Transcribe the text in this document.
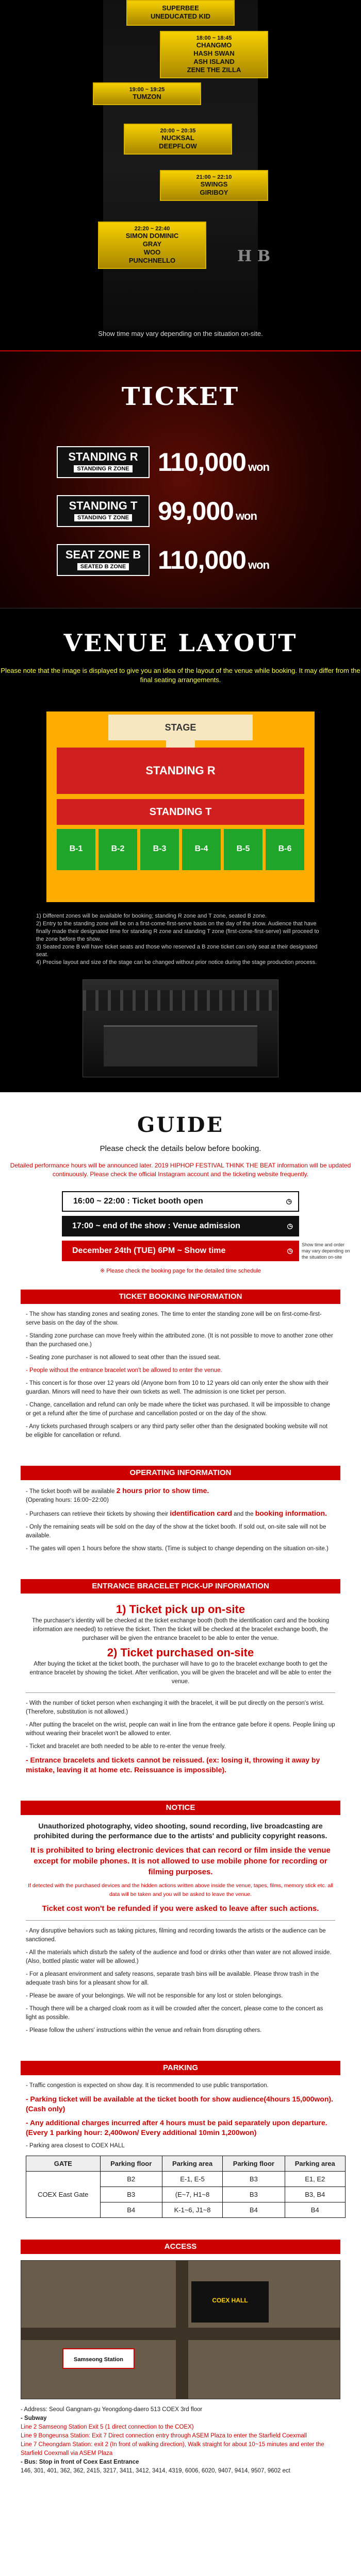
SUPERBEE
UNEDUCATED KID
18:00 ~ 18:45
CHANGMO
HASH SWAN
ASH ISLAND
ZENE THE ZILLA
19:00 ~ 19:25
TUMZON
20:00 ~ 20:35
NUCKSAL
DEEPFLOW
21:00 ~ 22:10
SWINGS
GIRIBOY
22:20 ~ 22:40
SIMON DOMINIC
GRAY
WOO
PUNCHNELLO	H B
Show time may vary depending on the situation on-site.
TICKET
STANDING R
STANDING R ZONE	110,000 won
STANDING T
STANDING T ZONE	99,000 won
SEAT ZONE B
SEATED B ZONE	110,000 won
VENUE LAYOUT
Please note that the image is displayed to give you an idea of the layout of the venue while booking. It may differ from the final seating arrangements.
STAGE
STANDING R
STANDING T
B-1	B-2	B-3	B-4	B-5	B-6

1) Different zones will be available for booking; standing R zone and T zone, seated B zone.

2) Entry to the standing zone will be on a first-come-first-serve basis on the day of the show. Audience that have finally made their designated time for standing R zone and standing T zone (first-come-first-serve) will proceed to the zone before the show.

3) Seated zone B will have ticket seats and those who reserved a B zone ticket can only seat at their designated seat.

4) Precise layout and size of the stage can be changed without prior notice during the stage production process.

GUIDE
Please check the details below before booking.
Detailed performance hours will be announced later. 2019 HIPHOP FESTIVAL THINK THE BEAT information will be updated continuously. Please check the official Instagram account and the ticketing website frequently.
16:00 ~ 22:00 : Ticket booth open	◷
17:00 ~ end of the show : Venue admission	◷
December 24th (TUE) 6PM ~ Show time	◷
Show time and order may vary depending on the situation on-site
※ Please check the booking page for the detailed time schedule
TICKET BOOKING INFORMATION

- The show has standing zones and seating zones. The time to enter the standing zone will be on first-come-first-serve basis on the day of the show.

- Standing zone purchase can move freely within the attributed zone. (It is not possible to move to another zone other than the purchased one.)

- Seating zone purchaser is not allowed to seat other than the issued seat.

- People without the entrance bracelet won't be allowed to enter the venue.

- This concert is for those over 12 years old (Anyone born from 10 to 12 years old can only enter the show with their guardian. Minors will need to have their own tickets as well. The admission is one ticket per person.

- Change, cancellation and refund can only be made where the ticket was purchased. It will be impossible to change or get a refund after the time of purchase and cancellation posted or on the day of the show.

- Any tickets purchased through scalpers or any third party seller other than the designated booking website will not be eligible for cancellation or refund.

OPERATING INFORMATION

- The ticket booth will be available 2 hours prior to show time.
(Operating hours: 16:00~22:00)

- Purchasers can retrieve their tickets by showing their identification card and the booking information.

- Only the remaining seats will be sold on the day of the show at the ticket booth. If sold out, on-site sale will not be available.

- The gates will open 1 hours before the show starts. (Time is subject to change depending on the situation on-site.)

ENTRANCE BRACELET PICK-UP INFORMATION
1) Ticket pick up on-site

The purchaser's identity will be checked at the ticket exchange booth (both the identification card and the booking information are needed) to retrieve the ticket. Then the ticket will be checked at the bracelet exchange booth, the purchaser will be given the entrance bracelet to be able to enter the venue.

2) Ticket purchased on-site

After buying the ticket at the ticket booth, the purchaser will have to go to the bracelet exchange booth to get the entrance bracelet by showing the ticket. After verification, you will be given the bracelet and will be able to enter the venue.

- With the number of ticket person when exchanging it with the bracelet, it will be put directly on the person's wrist. (Therefore, substitution is not allowed.)

- After putting the bracelet on the wrist, people can wait in line from the entrance gate before it opens. People lining up without wearing their bracelet won't be allowed to enter.

- Ticket and bracelet are both needed to be able to re-enter the venue freely.

- Entrance bracelets and tickets cannot be reissued. (ex: losing it, throwing it away by mistake, leaving it at home etc. Reissuance is impossible).

NOTICE

Unauthorized photography, video shooting, sound recording, live broadcasting are prohibited during the performance due to the artists' and publicity copyright reasons.

It is prohibited to bring electronic devices that can record or film inside the venue except for mobile phones. It is not allowed to use mobile phone for recording or filming purposes.

If detected with the purchased devices and the hidden actions written above inside the venue, tapes, films, memory stick etc. all data will be taken and you will be asked to leave the venue.

Ticket cost won't be refunded if you were asked to leave after such actions.

- Any disruptive behaviors such as taking pictures, filming and recording towards the artists or the audience can be sanctioned.

- All the materials which disturb the safety of the audience and food or drinks other than water are not allowed inside. (Also, bottled plastic water will be allowed.)

- For a pleasant environment and safety reasons, separate trash bins will be available. Please throw trash in the adequate trash bins for a pleasant show for all.

- Please be aware of your belongings. We will not be responsible for any lost or stolen belongings.

- Though there will be a charged cloak room as it will be crowded after the concert, please come to the concert as light as possible.

- Please follow the ushers' instructions within the venue and refrain from disrupting others.

PARKING

- Traffic congestion is expected on show day. It is recommended to use public transportation.

- Parking ticket will be available at the ticket booth for show audience(4hours 15,000won). (Cash only)

- Any additional charges incurred after 4 hours must be paid separately upon departure. (Every 1 parking hour: 2,400won/ Every additional 10min 1,200won)

- Parking area closest to COEX HALL

GATE	Parking floor	Parking area	Parking floor	Parking area
COEX East Gate	B2	E-1, E-5	B3	E1, E2
	B3	(E~7, H1~8	B3	B3, B4
	B4	K-1~6, J1~8	B4	B4
ACCESS
COEX HALL
Samseong Station

- Address: Seoul Gangnam-gu Yeongdong-daero 513 COEX 3rd floor

- Subway

Line 2 Samseong Station Exit 5 (1 direct connection to the COEX)

Line 9 Bongeunsa Station: Exit 7 Direct connection entry through ASEM Plaza to enter the Starfield Coexmall

Line 7 Cheongdam Station: exit 2 (In front of walking direction), Walk straight for about 10~15 minutes and enter the Starfield Coexmall via ASEM Plaza

- Bus: Stop in front of Coex East Entrance

146, 301, 401, 362, 362, 2415, 3217, 3411, 3412, 3414, 4319, 6006, 6020, 9407, 9414, 9507, 9602 ect
